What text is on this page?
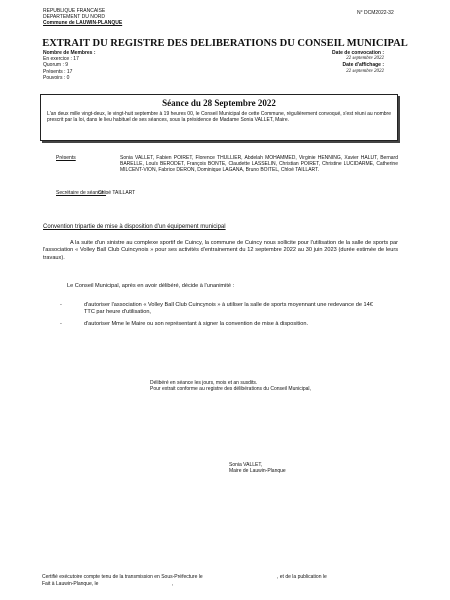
REPUBLIQUE FRANCAISE
DEPARTEMENT DU NORD
Commune de LAUWIN-PLANQUE
N° DCM2022-32
EXTRAIT DU REGISTRE DES DELIBERATIONS DU CONSEIL MUNICIPAL
Nombre de Membres :
En exercice : 17
Quorum : 9
Présents : 17
Pouvoirs : 0
Date de convocation :
22 septembre 2022
Date d'affichage :
22 septembre 2022
Séance du 28 Septembre 2022
L'an deux mille vingt-deux, le vingt-huit septembre à 19 heures 00, le Conseil Municipal de cette Commune, régulièrement convoqué, s'est réuni au nombre prescrit par la loi, dans le lieu habituel de ses séances, sous la présidence de Madame Sonia VALLET, Maire.
Présents	Sonia VALLET, Fabien POIRET, Florence THULLIER, Abdelah MOHAMMED, Virginie HENNING, Xavier HALUT, Bernard BARELLE, Louïs BERODET, François BONTE, Claudette LASSELIN, Christian POIRET, Christine LUCIDARME, Catherine MILCENT-VION, Fabrice DERON, Dominique LAGANA, Bruno BOITEL, Chloé TAILLART.
Secrétaire de séance :
Chloé TAILLART
Convention tripartie de mise à disposition d'un équipement municipal
A la suite d'un sinistre au complexe sportif de Cuincy, la commune de Cuincy nous sollicite pour l'utilisation de la salle de sports par l'association « Volley Ball Club Cuincynois » pour ses activités d'entrainement du 12 septembre 2022 au 30 juin 2023 (durée estimée de leurs travaux).
Le Conseil Municipal, après en avoir délibéré, décide à l'unanimité :
-	d'autoriser l'association « Volley Ball Club Cuincynois » à utiliser la salle de sports moyennant une redevance de 14€ TTC par heure d'utilisation,
-	d'autoriser Mme le Maire ou son représentant à signer la convention de mise à disposition.
Délibéré en séance les jours, mois et an susdits.
Pour extrait conforme au registre des délibérations du Conseil Municipal,
Sonia VALLET,
Maire de Lauwin-Planque
Certifié exécutoire compte tenu de la transmission en Sous-Préfecture le	, et de la publication le
Fait à Lauwin-Planque, le	,
